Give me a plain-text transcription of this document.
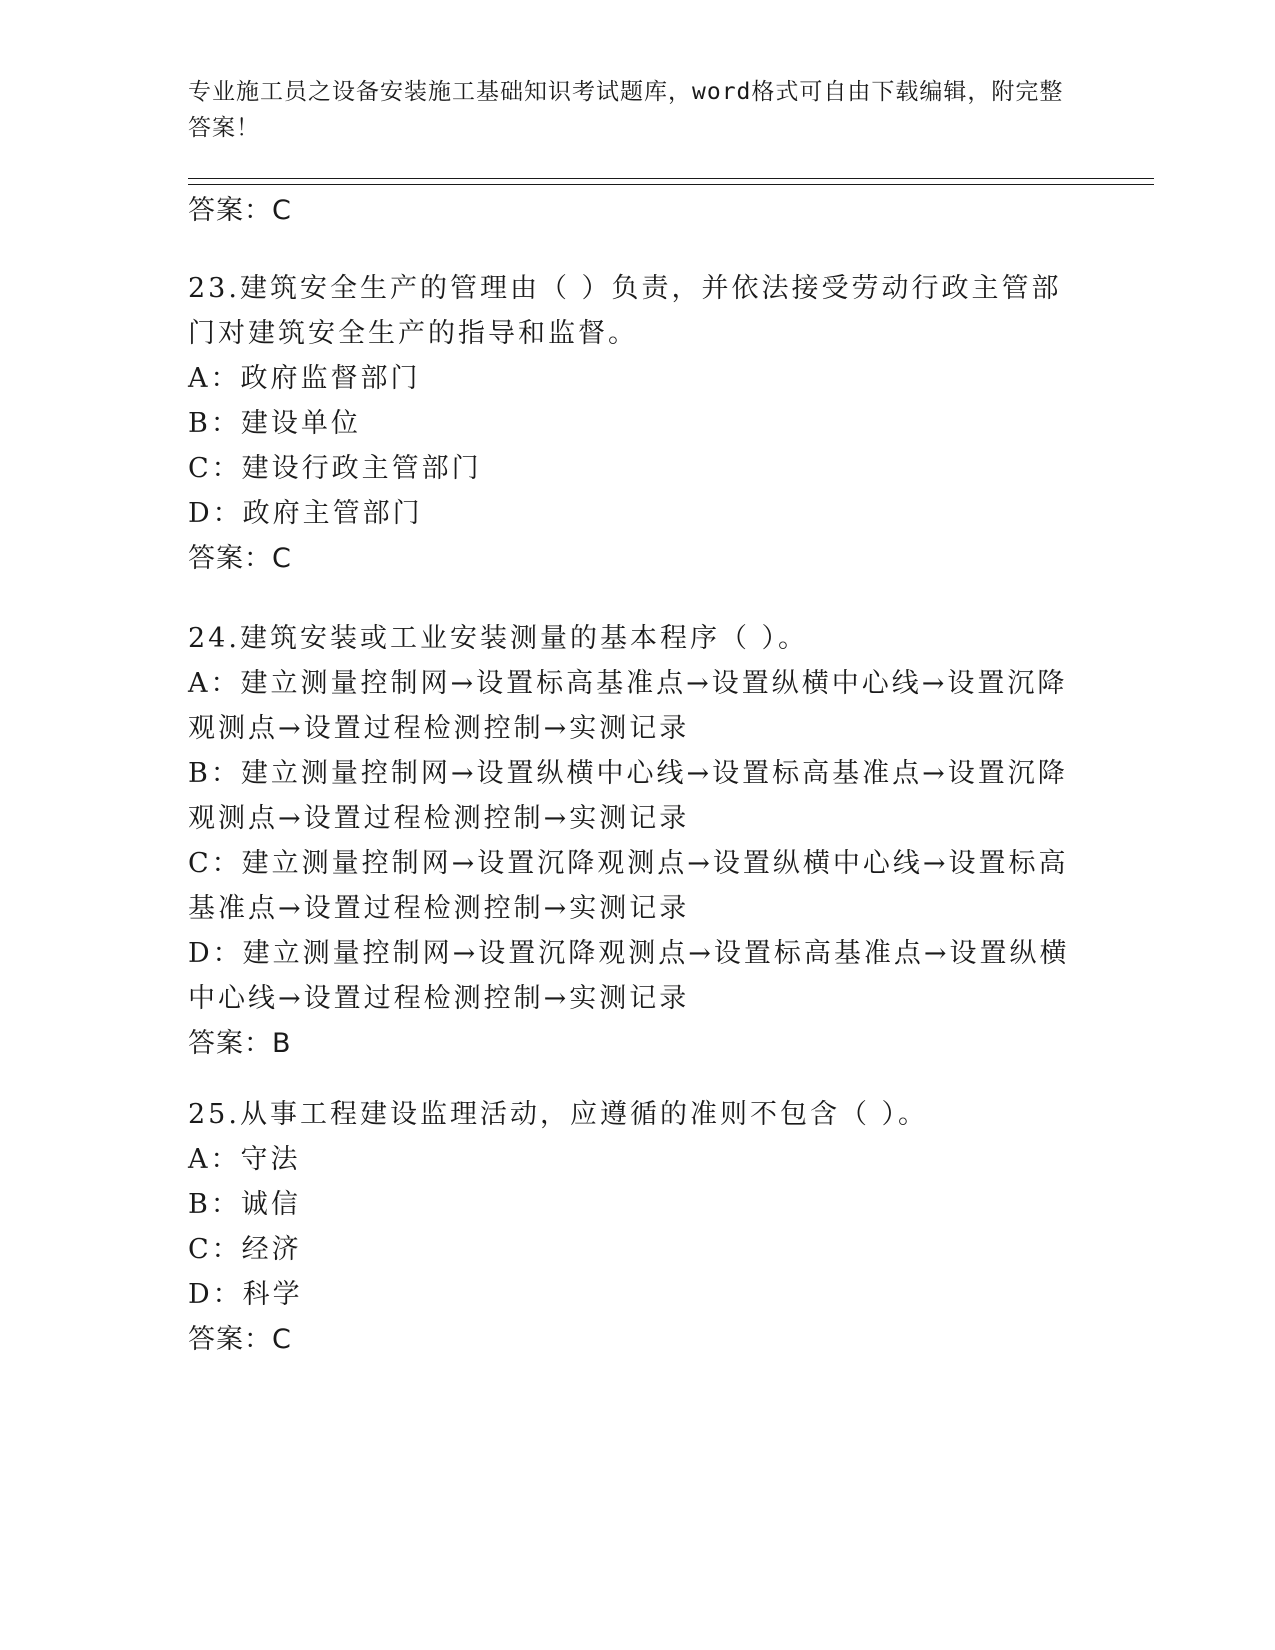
专业施工员之设备安装施工基础知识考试题库，word格式可自由下载编辑，附完整答案！
答案：C

23.建筑安全生产的管理由（ ）负责，并依法接受劳动行政主管部门对建筑安全生产的指导和监督。

A：政府监督部门

B：建设单位

C：建设行政主管部门

D：政府主管部门

答案：C

24.建筑安装或工业安装测量的基本程序（ ）。

A：建立测量控制网→设置标高基准点→设置纵横中心线→设置沉降观测点→设置过程检测控制→实测记录

B：建立测量控制网→设置纵横中心线→设置标高基准点→设置沉降观测点→设置过程检测控制→实测记录

C：建立测量控制网→设置沉降观测点→设置纵横中心线→设置标高基准点→设置过程检测控制→实测记录

D：建立测量控制网→设置沉降观测点→设置标高基准点→设置纵横中心线→设置过程检测控制→实测记录

答案：B

25.从事工程建设监理活动，应遵循的准则不包含（ ）。

A：守法

B：诚信

C：经济

D：科学

答案：C
